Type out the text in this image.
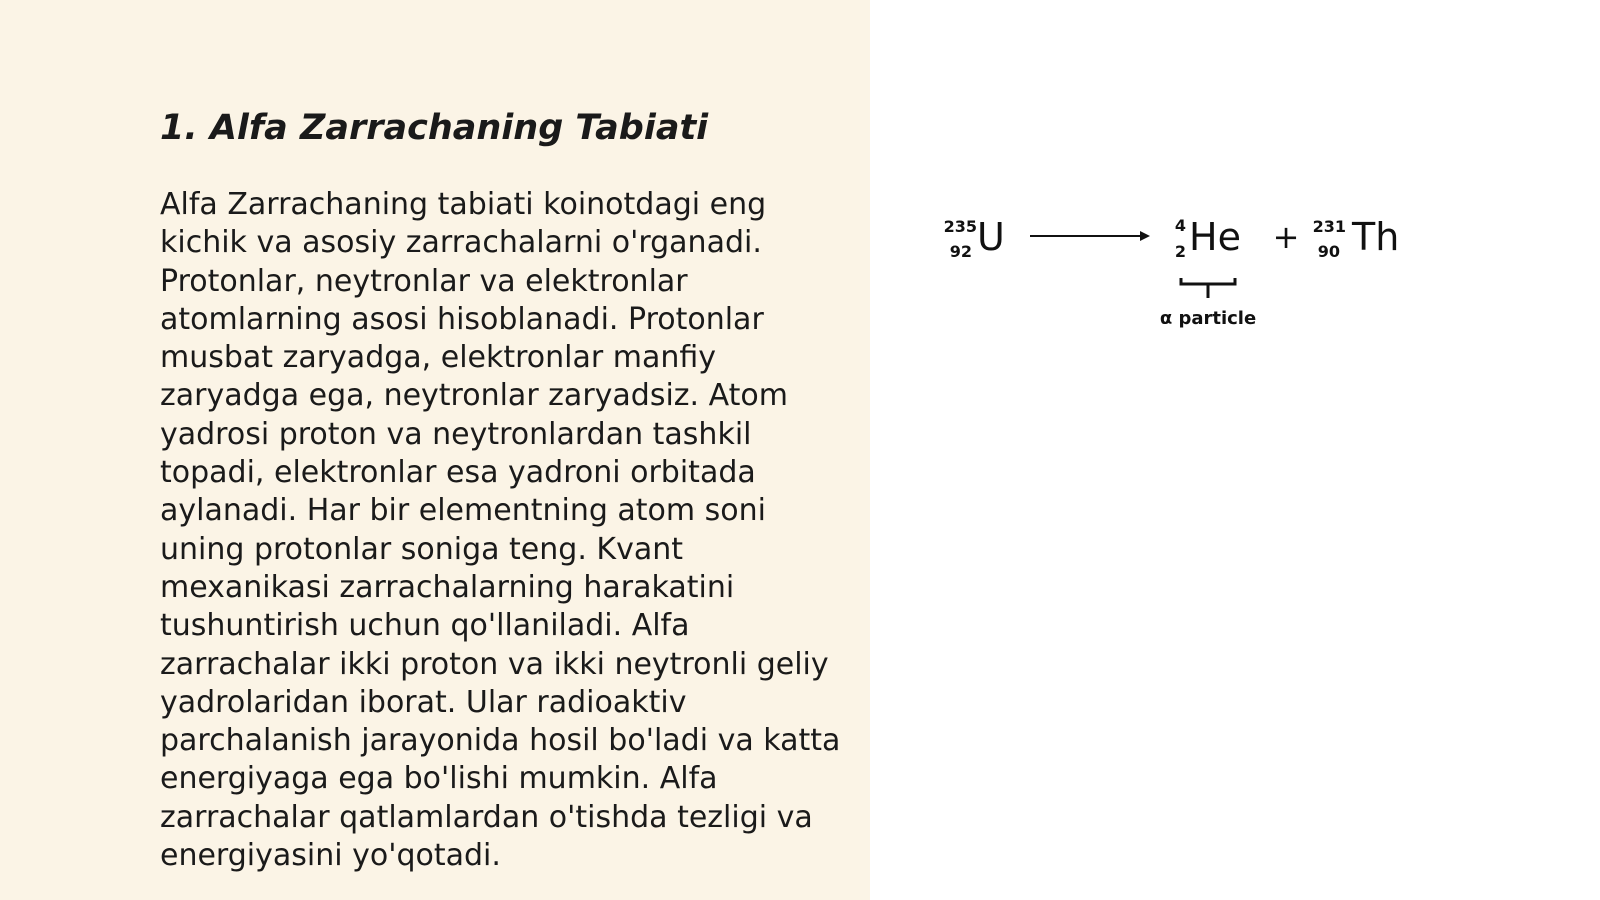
1. Alfa Zarrachaning Tabiati

Alfa Zarrachaning tabiati koinotdagi eng
kichik va asosiy zarrachalarni o'rganadi.
Protonlar, neytronlar va elektronlar
atomlarning asosi hisoblanadi. Protonlar
musbat zaryadga, elektronlar manfiy
zaryadga ega, neytronlar zaryadsiz. Atom
yadrosi proton va neytronlardan tashkil
topadi, elektronlar esa yadroni orbitada
aylanadi. Har bir elementning atom soni
uning protonlar soniga teng. Kvant
mexanikasi zarrachalarning harakatini
tushuntirish uchun qo'llaniladi. Alfa
zarrachalar ikki proton va ikki neytronli geliy
yadrolaridan iborat. Ular radioaktiv
parchalanish jarayonida hosil bo'ladi va katta
energiyaga ega bo'lishi mumkin. Alfa
zarrachalar qatlamlardan o'tishda tezligi va
energiyasini yo'qotadi.

235
92 U	4
2 He + 231
90 Th
α particle
